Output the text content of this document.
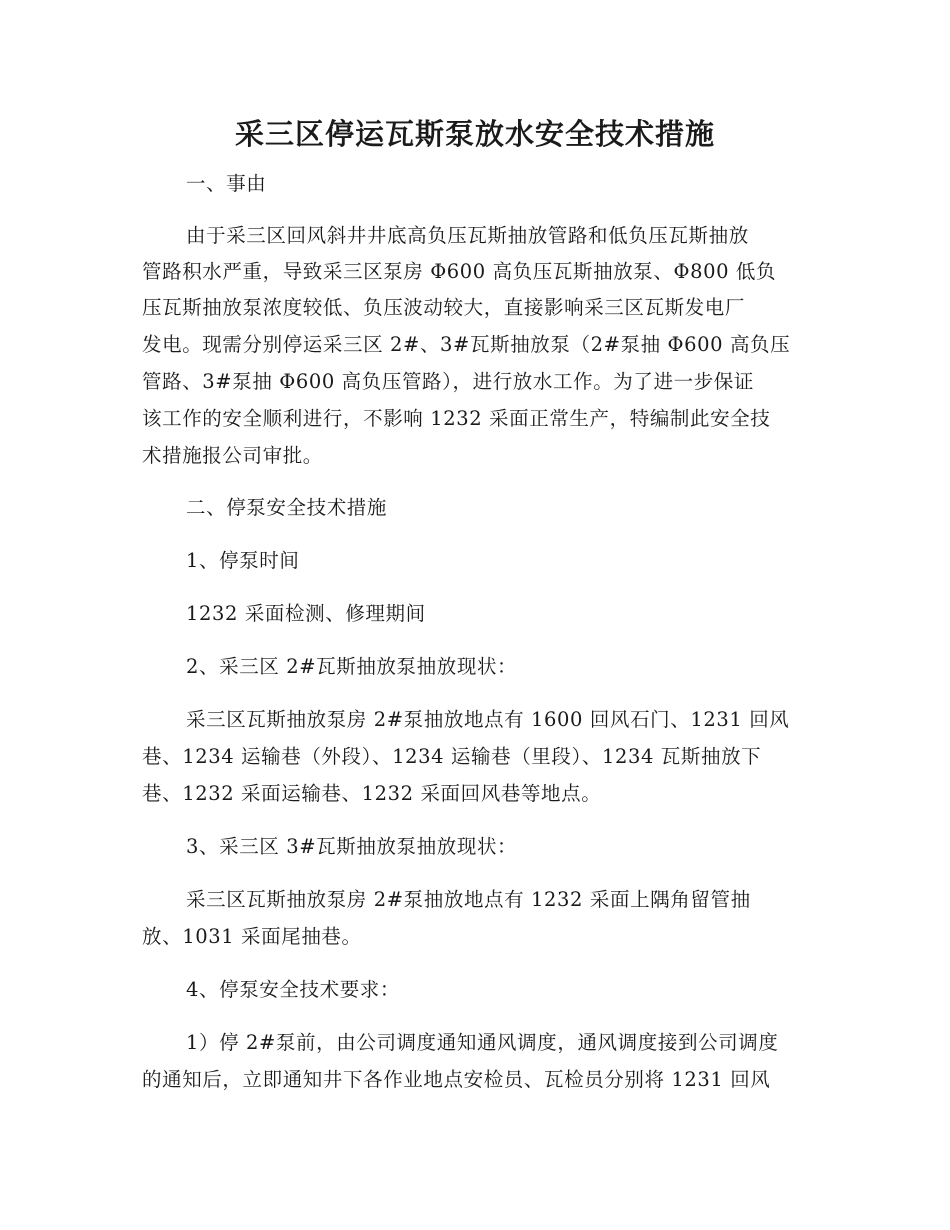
采三区停运瓦斯泵放水安全技术措施
一、事由
由于采三区回风斜井井底高负压瓦斯抽放管路和低负压瓦斯抽放
管路积水严重，导致采三区泵房 Φ600 高负压瓦斯抽放泵、Φ800 低负
压瓦斯抽放泵浓度较低、负压波动较大，直接影响采三区瓦斯发电厂
发电。现需分别停运采三区 2#、3#瓦斯抽放泵（2#泵抽 Φ600 高负压
管路、3#泵抽 Φ600 高负压管路），进行放水工作。为了进一步保证
该工作的安全顺利进行，不影响 1232 采面正常生产，特编制此安全技
术措施报公司审批。
二、停泵安全技术措施
1、停泵时间
1232 采面检测、修理期间
2、采三区 2#瓦斯抽放泵抽放现状：
采三区瓦斯抽放泵房 2#泵抽放地点有 1600 回风石门、1231 回风
巷、1234 运输巷（外段）、1234 运输巷（里段）、1234 瓦斯抽放下
巷、1232 采面运输巷、1232 采面回风巷等地点。
3、采三区 3#瓦斯抽放泵抽放现状：
采三区瓦斯抽放泵房 2#泵抽放地点有 1232 采面上隅角留管抽
放、1031 采面尾抽巷。
4、停泵安全技术要求：
1）停 2#泵前，由公司调度通知通风调度，通风调度接到公司调度
的通知后，立即通知井下各作业地点安检员、瓦检员分别将 1231 回风
